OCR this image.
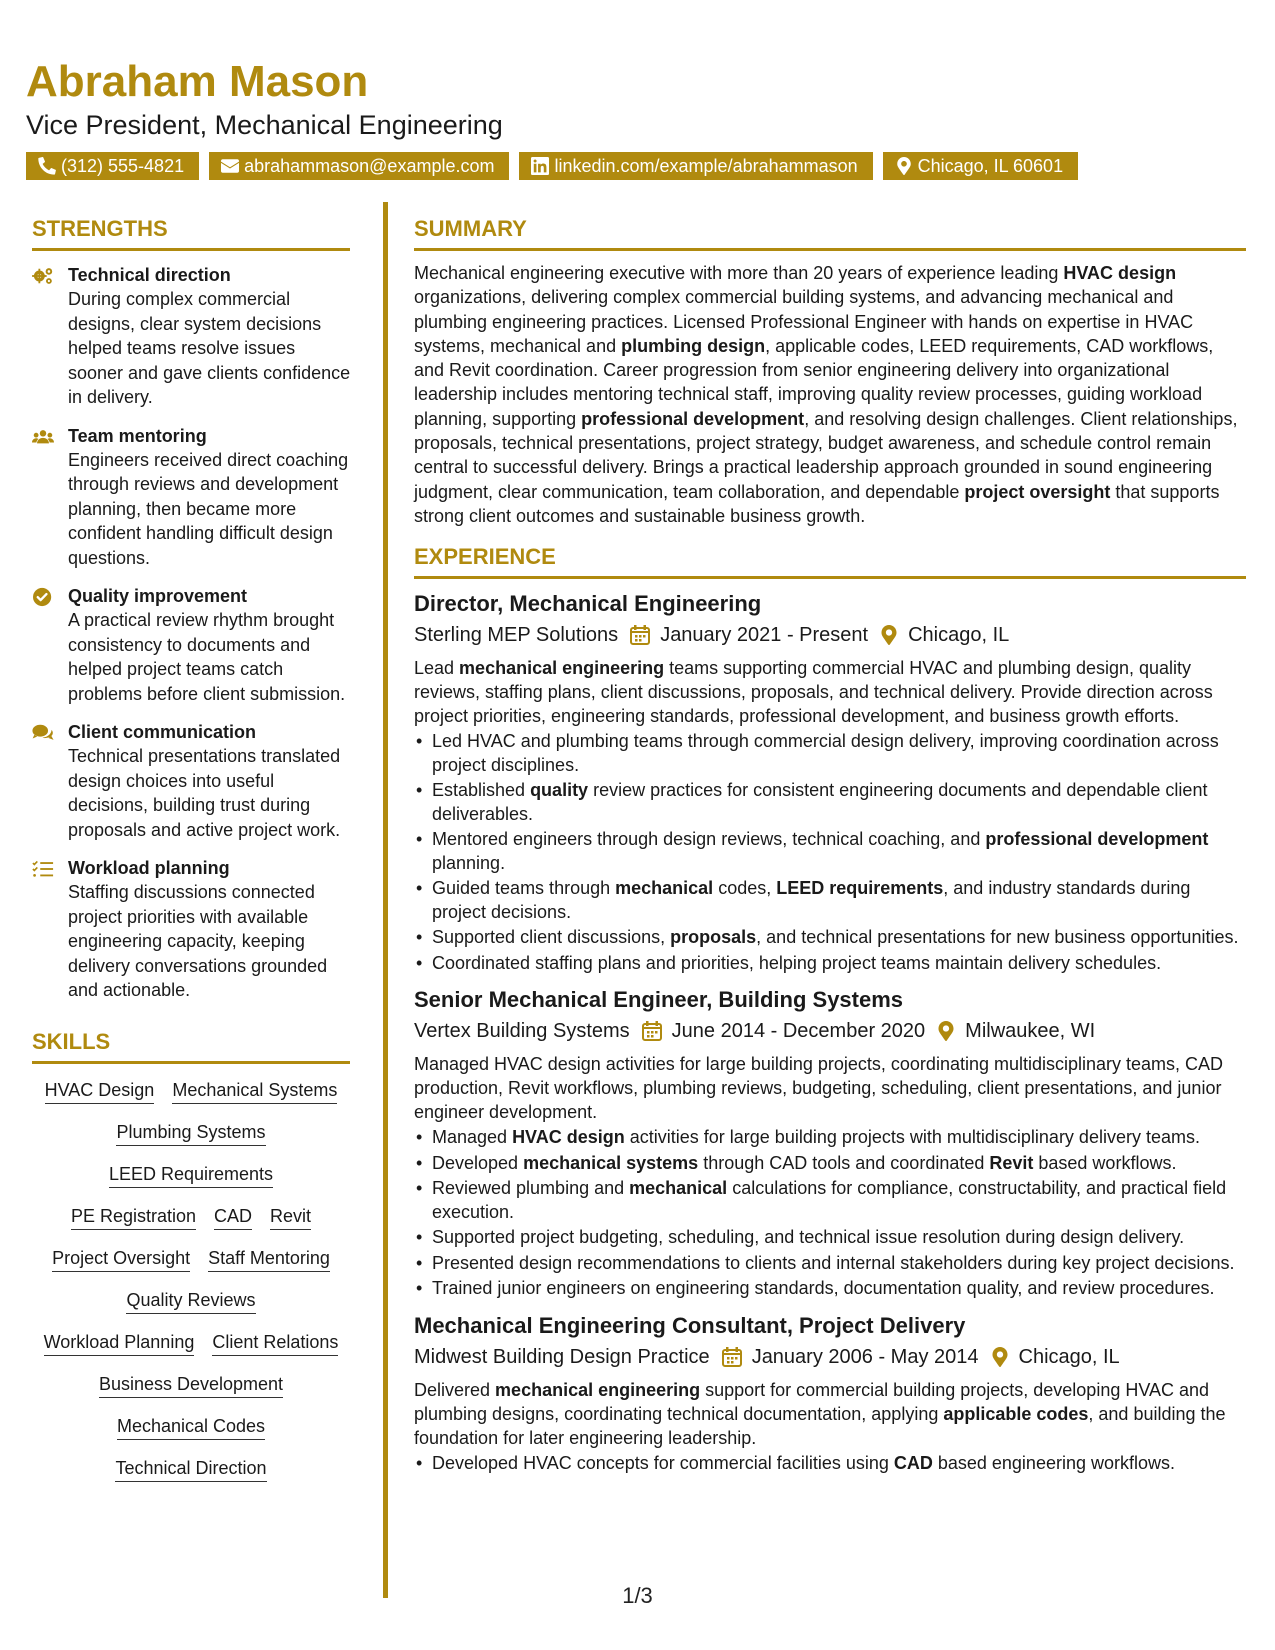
Abraham Mason
Vice President, Mechanical Engineering
(312) 555-4821	abrahammason@example.com	linkedin.com/example/abrahammason	Chicago, IL 60601
STRENGTHS
Technical direction
During complex commercial designs, clear system decisions helped teams resolve issues sooner and gave clients confidence in delivery.
Team mentoring
Engineers received direct coaching through reviews and development planning, then became more confident handling difficult design questions.
Quality improvement
A practical review rhythm brought consistency to documents and helped project teams catch problems before client submission.
Client communication
Technical presentations translated design choices into useful decisions, building trust during proposals and active project work.
Workload planning
Staffing discussions connected project priorities with available engineering capacity, keeping delivery conversations grounded and actionable.
SKILLS
HVAC Design Mechanical Systems
Plumbing Systems
LEED Requirements
PE Registration CAD Revit
Project Oversight Staff Mentoring
Quality Reviews
Workload Planning Client Relations
Business Development
Mechanical Codes
Technical Direction
SUMMARY

Mechanical engineering executive with more than 20 years of experience leading HVAC design organizations, delivering complex commercial building systems, and advancing mechanical and plumbing engineering practices. Licensed Professional Engineer with hands on expertise in HVAC systems, mechanical and plumbing design, applicable codes, LEED requirements, CAD workflows, and Revit coordination. Career progression from senior engineering delivery into organizational leadership includes mentoring technical staff, improving quality review processes, guiding workload planning, supporting professional development, and resolving design challenges. Client relationships, proposals, technical presentations, project strategy, budget awareness, and schedule control remain central to successful delivery. Brings a practical leadership approach grounded in sound engineering judgment, clear communication, team collaboration, and dependable project oversight that supports strong client outcomes and sustainable business growth.

EXPERIENCE
Director, Mechanical Engineering
Sterling MEP Solutions January 2021 - Present Chicago, IL
Lead mechanical engineering teams supporting commercial HVAC and plumbing design, quality reviews, staffing plans, client discussions, proposals, and technical delivery. Provide direction across project priorities, engineering standards, professional development, and business growth efforts.
• Led HVAC and plumbing teams through commercial design delivery, improving coordination across project disciplines.
• Established quality review practices for consistent engineering documents and dependable client deliverables.
• Mentored engineers through design reviews, technical coaching, and professional development planning.
• Guided teams through mechanical codes, LEED requirements, and industry standards during project decisions.
• Supported client discussions, proposals, and technical presentations for new business opportunities.
• Coordinated staffing plans and priorities, helping project teams maintain delivery schedules.
Senior Mechanical Engineer, Building Systems
Vertex Building Systems June 2014 - December 2020 Milwaukee, WI
Managed HVAC design activities for large building projects, coordinating multidisciplinary teams, CAD production, Revit workflows, plumbing reviews, budgeting, scheduling, client presentations, and junior engineer development.
• Managed HVAC design activities for large building projects with multidisciplinary delivery teams.
• Developed mechanical systems through CAD tools and coordinated Revit based workflows.
• Reviewed plumbing and mechanical calculations for compliance, constructability, and practical field execution.
• Supported project budgeting, scheduling, and technical issue resolution during design delivery.
• Presented design recommendations to clients and internal stakeholders during key project decisions.
• Trained junior engineers on engineering standards, documentation quality, and review procedures.
Mechanical Engineering Consultant, Project Delivery
Midwest Building Design Practice January 2006 - May 2014 Chicago, IL
Delivered mechanical engineering support for commercial building projects, developing HVAC and plumbing designs, coordinating technical documentation, applying applicable codes, and building the foundation for later engineering leadership.
• Developed HVAC concepts for commercial facilities using CAD based engineering workflows.
1/3
